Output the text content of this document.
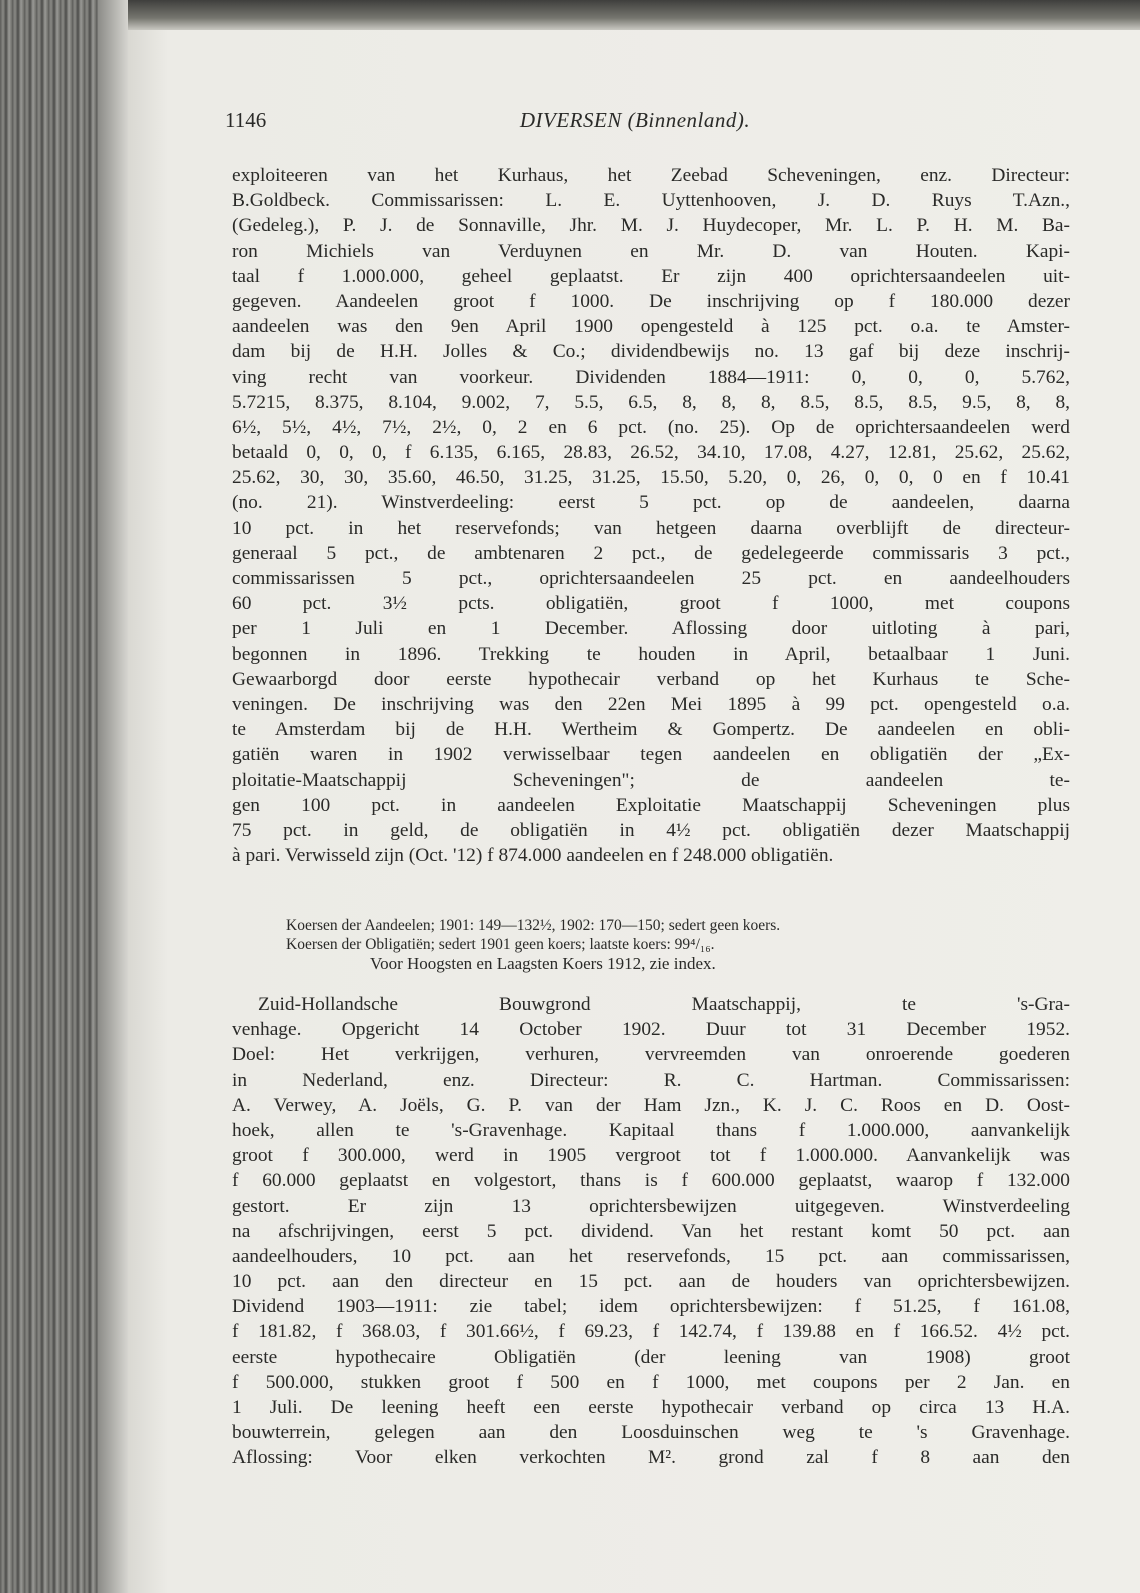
1146	DIVERSEN (Binnenland).
exploiteeren van het Kurhaus, het Zeebad Scheveningen, enz. Directeur:
B.Goldbeck. Commissarissen: L. E. Uyttenhooven, J. D. Ruys T.Azn.,
(Gedeleg.), P. J. de Sonnaville, Jhr. M. J. Huydecoper, Mr. L. P. H. M. Ba-
ron Michiels van Verduynen en Mr. D. van Houten. Kapi-
taal f 1.000.000, geheel geplaatst. Er zijn 400 oprichtersaandeelen uit-
gegeven. Aandeelen groot f 1000. De inschrijving op f 180.000 dezer
aandeelen was den 9en April 1900 opengesteld à 125 pct. o.a. te Amster-
dam bij de H.H. Jolles & Co.; dividendbewijs no. 13 gaf bij deze inschrij-
ving recht van voorkeur. Dividenden 1884—1911: 0, 0, 0, 5.762,
5.7215, 8.375, 8.104, 9.002, 7, 5.5, 6.5, 8, 8, 8, 8.5, 8.5, 8.5, 9.5, 8, 8,
6½, 5½, 4½, 7½, 2½, 0, 2 en 6 pct. (no. 25). Op de oprichtersaandeelen werd
betaald 0, 0, 0, f 6.135, 6.165, 28.83, 26.52, 34.10, 17.08, 4.27, 12.81, 25.62, 25.62,
25.62, 30, 30, 35.60, 46.50, 31.25, 31.25, 15.50, 5.20, 0, 26, 0, 0, 0 en f 10.41
(no. 21). Winstverdeeling: eerst 5 pct. op de aandeelen, daarna
10 pct. in het reservefonds; van hetgeen daarna overblijft de directeur-
generaal 5 pct., de ambtenaren 2 pct., de gedelegeerde commissaris 3 pct.,
commissarissen 5 pct., oprichtersaandeelen 25 pct. en aandeelhouders
60 pct. 3½ pcts. obligatiën, groot f 1000, met coupons
per 1 Juli en 1 December. Aflossing door uitloting à pari,
begonnen in 1896. Trekking te houden in April, betaalbaar 1 Juni.
Gewaarborgd door eerste hypothecair verband op het Kurhaus te Sche-
veningen. De inschrijving was den 22en Mei 1895 à 99 pct. opengesteld o.a.
te Amsterdam bij de H.H. Wertheim & Gompertz. De aandeelen en obli-
gatiën waren in 1902 verwisselbaar tegen aandeelen en obligatiën der „Ex-
ploitatie-Maatschappij Scheveningen"; de aandeelen te-
gen 100 pct. in aandeelen Exploitatie Maatschappij Scheveningen plus
75 pct. in geld, de obligatiën in 4½ pct. obligatiën dezer Maatschappij
à pari. Verwisseld zijn (Oct. '12) f 874.000 aandeelen en f 248.000 obligatiën.
Koersen der Aandeelen; 1901: 149—132½, 1902: 170—150; sedert geen koers.
Koersen der Obligatiën; sedert 1901 geen koers; laatste koers: 99⁴/₁₆.
Voor Hoogsten en Laagsten Koers 1912, zie index.
Zuid-Hollandsche Bouwgrond Maatschappij, te 's-Gra-
venhage. Opgericht 14 October 1902. Duur tot 31 December 1952.
Doel: Het verkrijgen, verhuren, vervreemden van onroerende goederen
in Nederland, enz. Directeur: R. C. Hartman. Commissarissen:
A. Verwey, A. Joëls, G. P. van der Ham Jzn., K. J. C. Roos en D. Oost-
hoek, allen te 's-Gravenhage. Kapitaal thans f 1.000.000, aanvankelijk
groot f 300.000, werd in 1905 vergroot tot f 1.000.000. Aanvankelijk was
f 60.000 geplaatst en volgestort, thans is f 600.000 geplaatst, waarop f 132.000
gestort. Er zijn 13 oprichtersbewijzen uitgegeven. Winstverdeeling
na afschrijvingen, eerst 5 pct. dividend. Van het restant komt 50 pct. aan
aandeelhouders, 10 pct. aan het reservefonds, 15 pct. aan commissarissen,
10 pct. aan den directeur en 15 pct. aan de houders van oprichtersbewijzen.
Dividend 1903—1911: zie tabel; idem oprichtersbewijzen: f 51.25, f 161.08,
f 181.82, f 368.03, f 301.66½, f 69.23, f 142.74, f 139.88 en f 166.52. 4½ pct.
eerste hypothecaire Obligatiën (der leening van 1908) groot
f 500.000, stukken groot f 500 en f 1000, met coupons per 2 Jan. en
1 Juli. De leening heeft een eerste hypothecair verband op circa 13 H.A.
bouwterrein, gelegen aan den Loosduinschen weg te 's Gravenhage.
Aflossing: Voor elken verkochten M². grond zal f 8 aan den
